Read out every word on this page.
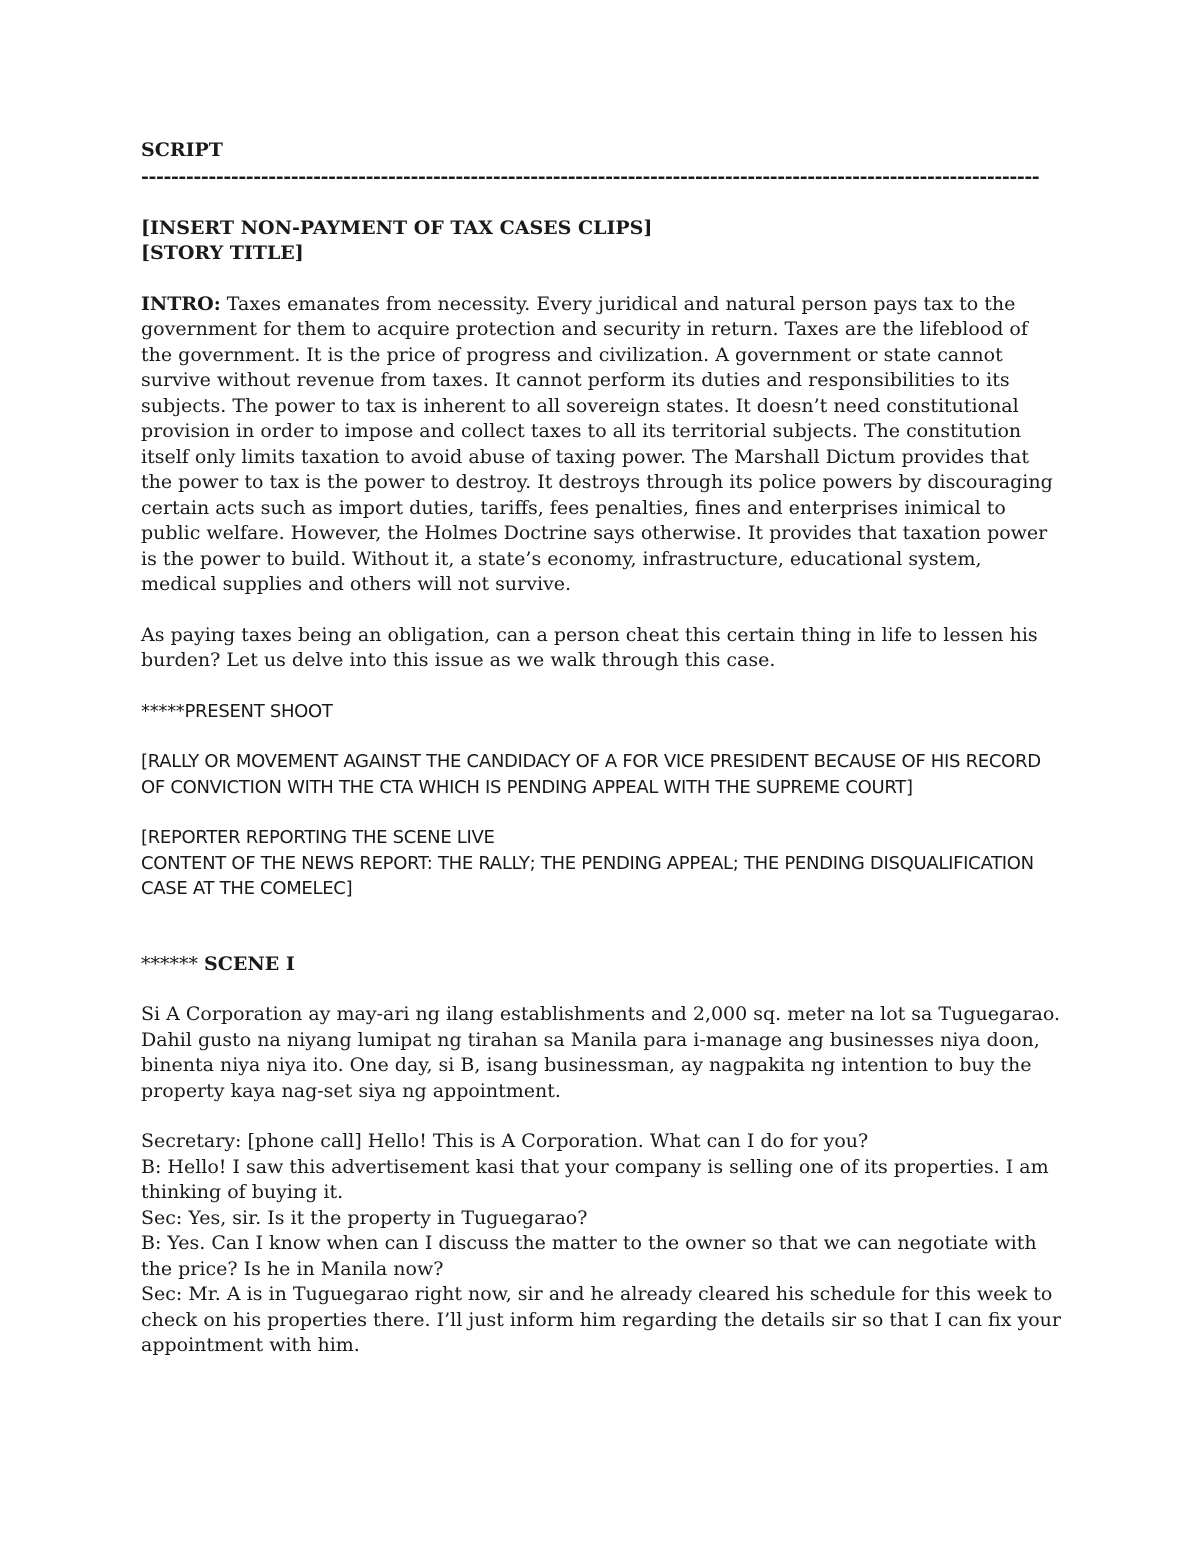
SCRIPT

------------------------------------------------------------------------------------------------------------------------

[INSERT NON-PAYMENT OF TAX CASES CLIPS]

[STORY TITLE]

INTRO: Taxes emanates from necessity. Every juridical and natural person pays tax to the government for them to acquire protection and security in return. Taxes are the lifeblood of the government. It is the price of progress and civilization. A government or state cannot survive without revenue from taxes. It cannot perform its duties and responsibilities to its subjects. The power to tax is inherent to all sovereign states. It doesn’t need constitutional provision in order to impose and collect taxes to all its territorial subjects. The constitution itself only limits taxation to avoid abuse of taxing power. The Marshall Dictum provides that the power to tax is the power to destroy. It destroys through its police powers by discouraging certain acts such as import duties, tariffs, fees penalties, fines and enterprises inimical to public welfare. However, the Holmes Doctrine says otherwise. It provides that taxation power is the power to build. Without it, a state’s economy, infrastructure, educational system, medical supplies and others will not survive.

As paying taxes being an obligation, can a person cheat this certain thing in life to lessen his burden? Let us delve into this issue as we walk through this case.

*****PRESENT SHOOT

[RALLY OR MOVEMENT AGAINST THE CANDIDACY OF A FOR VICE PRESIDENT BECAUSE OF HIS RECORD OF CONVICTION WITH THE CTA WHICH IS PENDING APPEAL WITH THE SUPREME COURT]

[REPORTER REPORTING THE SCENE LIVE

CONTENT OF THE NEWS REPORT: THE RALLY; THE PENDING APPEAL; THE PENDING DISQUALIFICATION CASE AT THE COMELEC]

****** SCENE I

Si A Corporation ay may-ari ng ilang establishments and 2,000 sq. meter na lot sa Tuguegarao. Dahil gusto na niyang lumipat ng tirahan sa Manila para i-manage ang businesses niya doon, binenta niya niya ito. One day, si B, isang businessman, ay nagpakita ng intention to buy the property kaya nag-set siya ng appointment.

Secretary: [phone call] Hello! This is A Corporation. What can I do for you?

B: Hello! I saw this advertisement kasi that your company is selling one of its properties. I am thinking of buying it.

Sec: Yes, sir. Is it the property in Tuguegarao?

B: Yes. Can I know when can I discuss the matter to the owner so that we can negotiate with the price? Is he in Manila now?

Sec: Mr. A is in Tuguegarao right now, sir and he already cleared his schedule for this week to check on his properties there. I’ll just inform him regarding the details sir so that I can fix your appointment with him.
